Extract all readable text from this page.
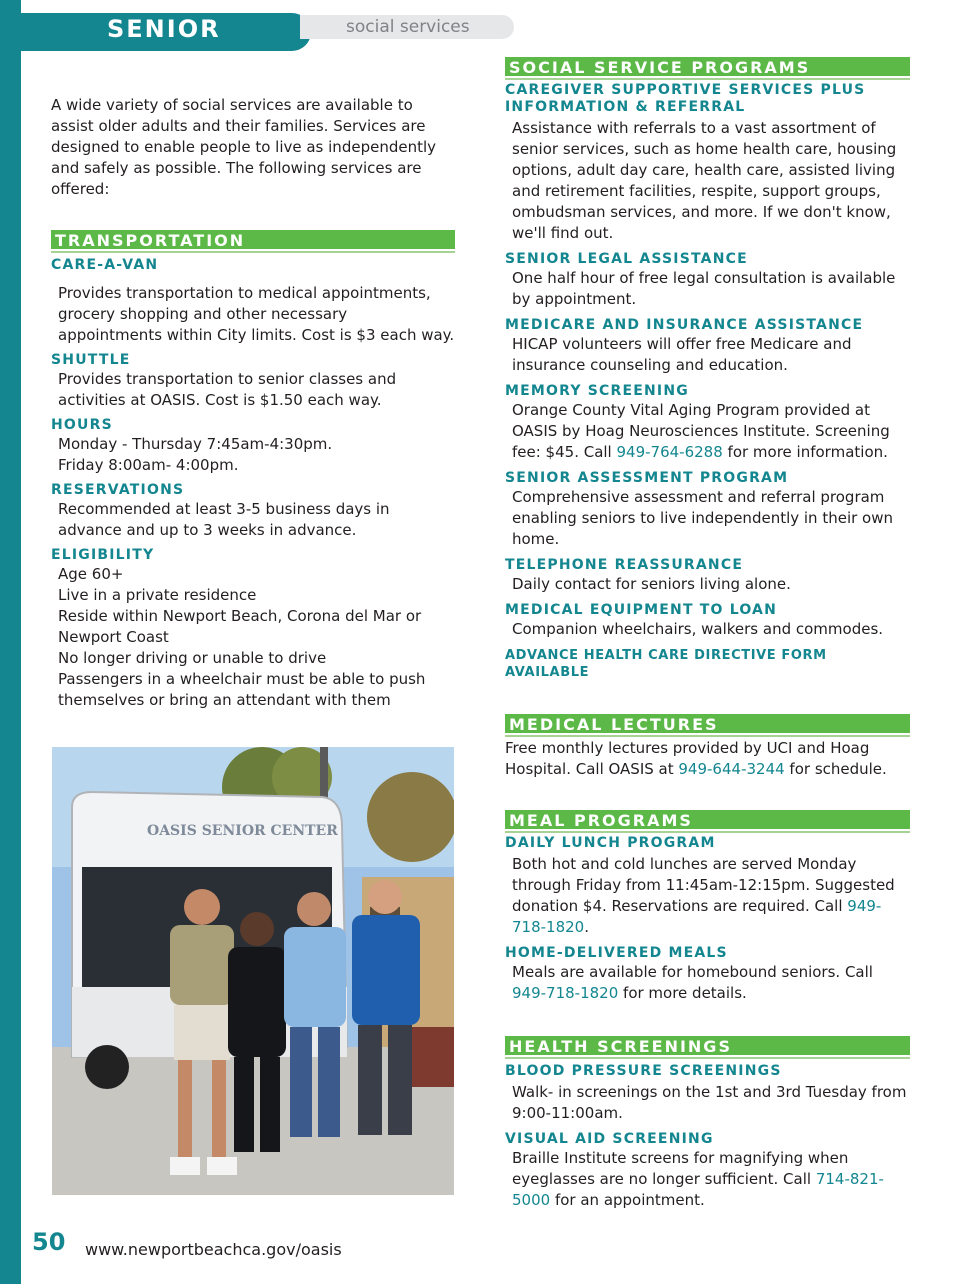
SENIOR	social services

A wide variety of social services are available to assist older adults and their families. Services are designed to enable people to live as independently and safely as possible. The following services are offered:

TRANSPORTATION
CARE-A-VAN

Provides transportation to medical appointments, grocery shopping and other necessary appointments within City limits. Cost is $3 each way.

SHUTTLE

Provides transportation to senior classes and activities at OASIS. Cost is $1.50 each way.

HOURS

Monday - Thursday 7:45am-4:30pm.

Friday 8:00am- 4:00pm.

RESERVATIONS

Recommended at least 3-5 business days in advance and up to 3 weeks in advance.

ELIGIBILITY

Age 60+

Live in a private residence

Reside within Newport Beach, Corona del Mar or Newport Coast

No longer driving or unable to drive

Passengers in a wheelchair must be able to push themselves or bring an attendant with them

OASIS SENIOR CENTER
SOCIAL SERVICE PROGRAMS
CAREGIVER SUPPORTIVE SERVICES PLUS INFORMATION & REFERRAL

Assistance with referrals to a vast assortment of senior services, such as home health care, housing options, adult day care, health care, assisted living and retirement facilities, respite, support groups, ombudsman services, and more. If we don't know, we'll find out.

SENIOR LEGAL ASSISTANCE

One half hour of free legal consultation is available by appointment.

MEDICARE AND INSURANCE ASSISTANCE

HICAP volunteers will offer free Medicare and insurance counseling and education.

MEMORY SCREENING

Orange County Vital Aging Program provided at OASIS by Hoag Neurosciences Institute. Screening fee: $45. Call 949-764-6288 for more information.

SENIOR ASSESSMENT PROGRAM

Comprehensive assessment and referral program enabling seniors to live independently in their own home.

TELEPHONE REASSURANCE

Daily contact for seniors living alone.

MEDICAL EQUIPMENT TO LOAN

Companion wheelchairs, walkers and commodes.

ADVANCE HEALTH CARE DIRECTIVE FORM AVAILABLE
MEDICAL LECTURES

Free monthly lectures provided by UCI and Hoag Hospital. Call OASIS at 949-644-3244 for schedule.

MEAL PROGRAMS
DAILY LUNCH PROGRAM

Both hot and cold lunches are served Monday through Friday from 11:45am-12:15pm. Suggested donation $4. Reservations are required. Call 949-718-1820.

HOME-DELIVERED MEALS

Meals are available for homebound seniors. Call 949-718-1820 for more details.

HEALTH SCREENINGS
BLOOD PRESSURE SCREENINGS

Walk- in screenings on the 1st and 3rd Tuesday from 9:00-11:00am.

VISUAL AID SCREENING

Braille Institute screens for magnifying when eyeglasses are no longer sufficient. Call 714-821-5000 for an appointment.

50 www.newportbeachca.gov/oasis
